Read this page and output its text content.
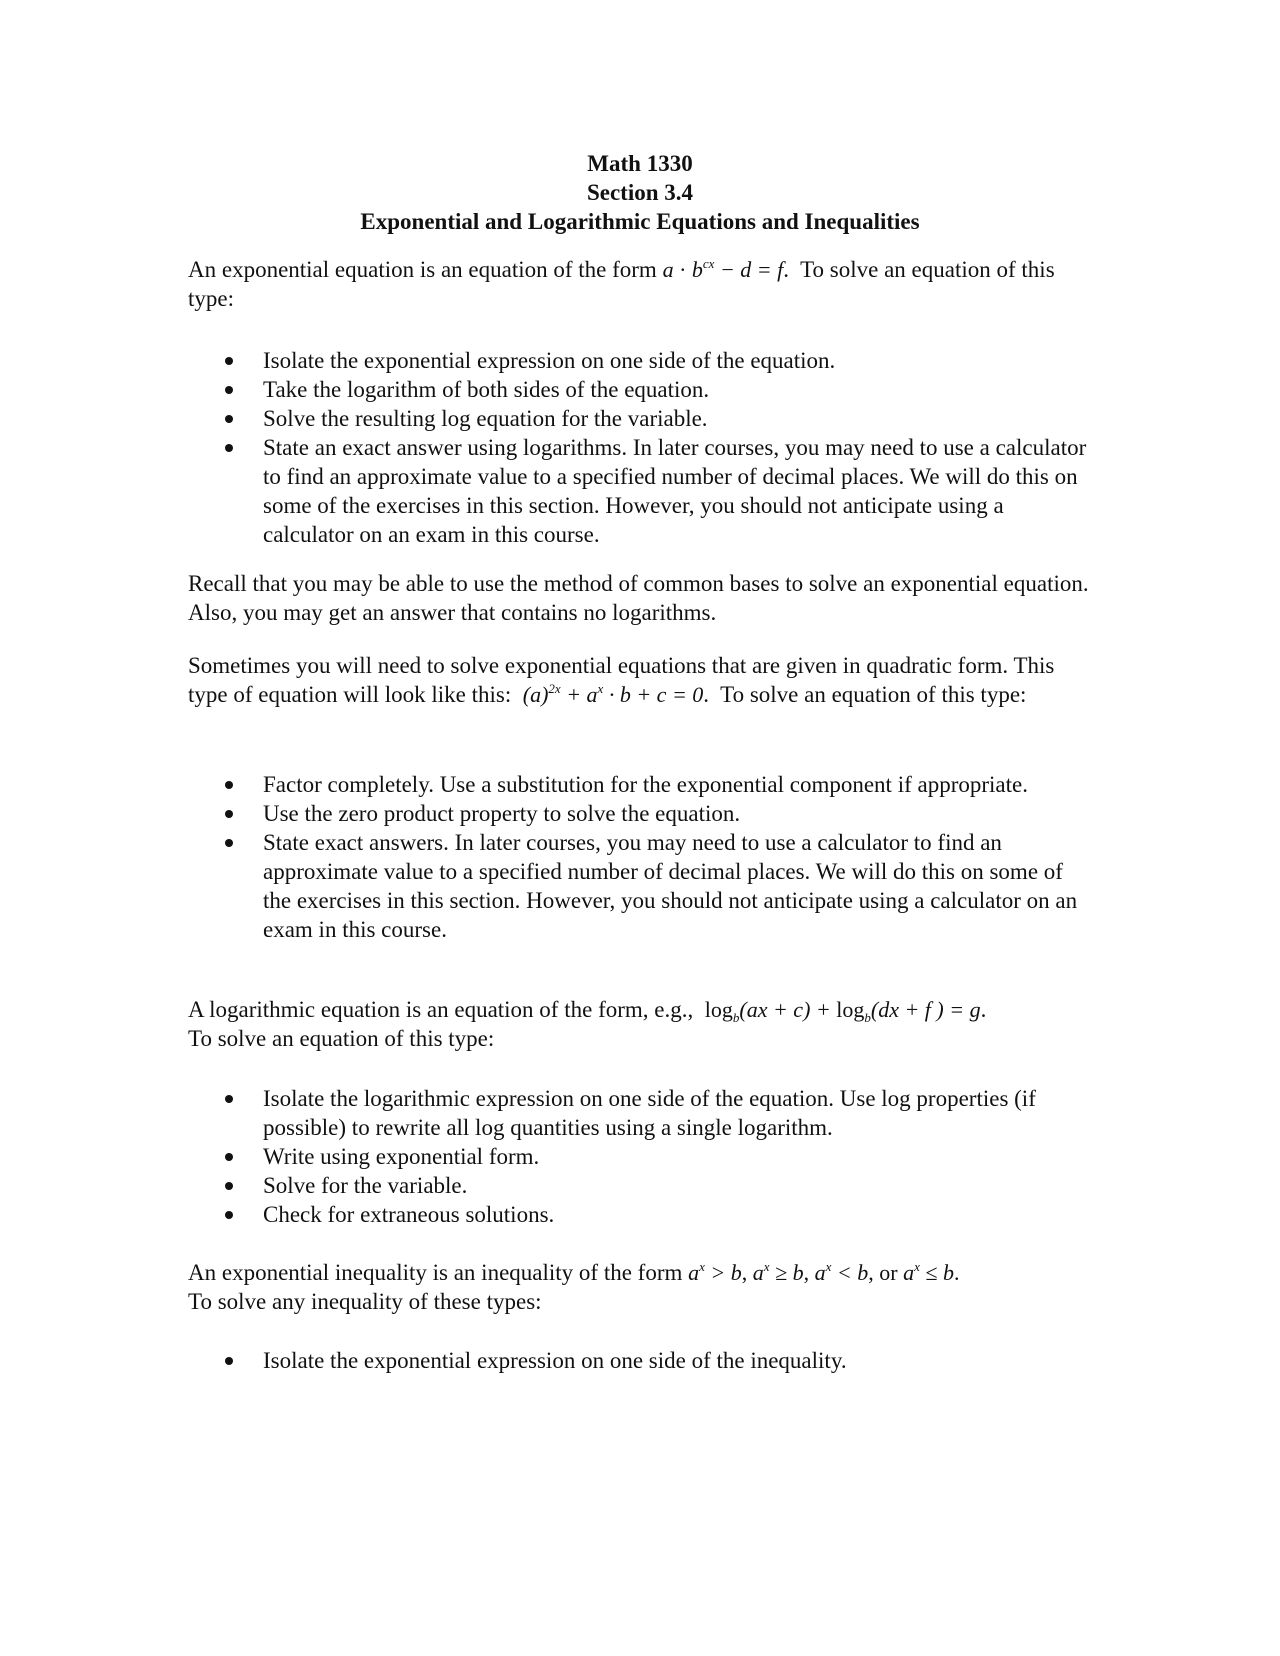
Math 1330
Section 3.4
Exponential and Logarithmic Equations and Inequalities

An exponential equation is an equation of the form $a \cdot b^{cx} - d = f$. To solve an equation of this type:

Isolate the exponential expression on one side of the equation.
Take the logarithm of both sides of the equation.
Solve the resulting log equation for the variable.
State an exact answer using logarithms. In later courses, you may need to use a calculator to find an approximate value to a specified number of decimal places. We will do this on some of the exercises in this section. However, you should not anticipate using a calculator on an exam in this course.

Recall that you may be able to use the method of common bases to solve an exponential equation. Also, you may get an answer that contains no logarithms.

Sometimes you will need to solve exponential equations that are given in quadratic form. This type of equation will look like this: $(a)^{2x} + a^x \cdot b + c = 0$. To solve an equation of this type:

Factor completely. Use a substitution for the exponential component if appropriate.
Use the zero product property to solve the equation.
State exact answers. In later courses, you may need to use a calculator to find an approximate value to a specified number of decimal places. We will do this on some of the exercises in this section. However, you should not anticipate using a calculator on an exam in this course.

A logarithmic equation is an equation of the form, e.g., $\log_b(ax + c) + \log_b(dx + f$ ) = g.
To solve an equation of this type:

Isolate the logarithmic expression on one side of the equation. Use log properties (if possible) to rewrite all log quantities using a single logarithm.
Write using exponential form.
Solve for the variable.
Check for extraneous solutions.

An exponential inequality is an inequality of the form $a^x > b$, $a^x \ge b$, $a^x < b$, or $a^x \le b$.
To solve any inequality of these types:

Isolate the exponential expression on one side of the inequality.
